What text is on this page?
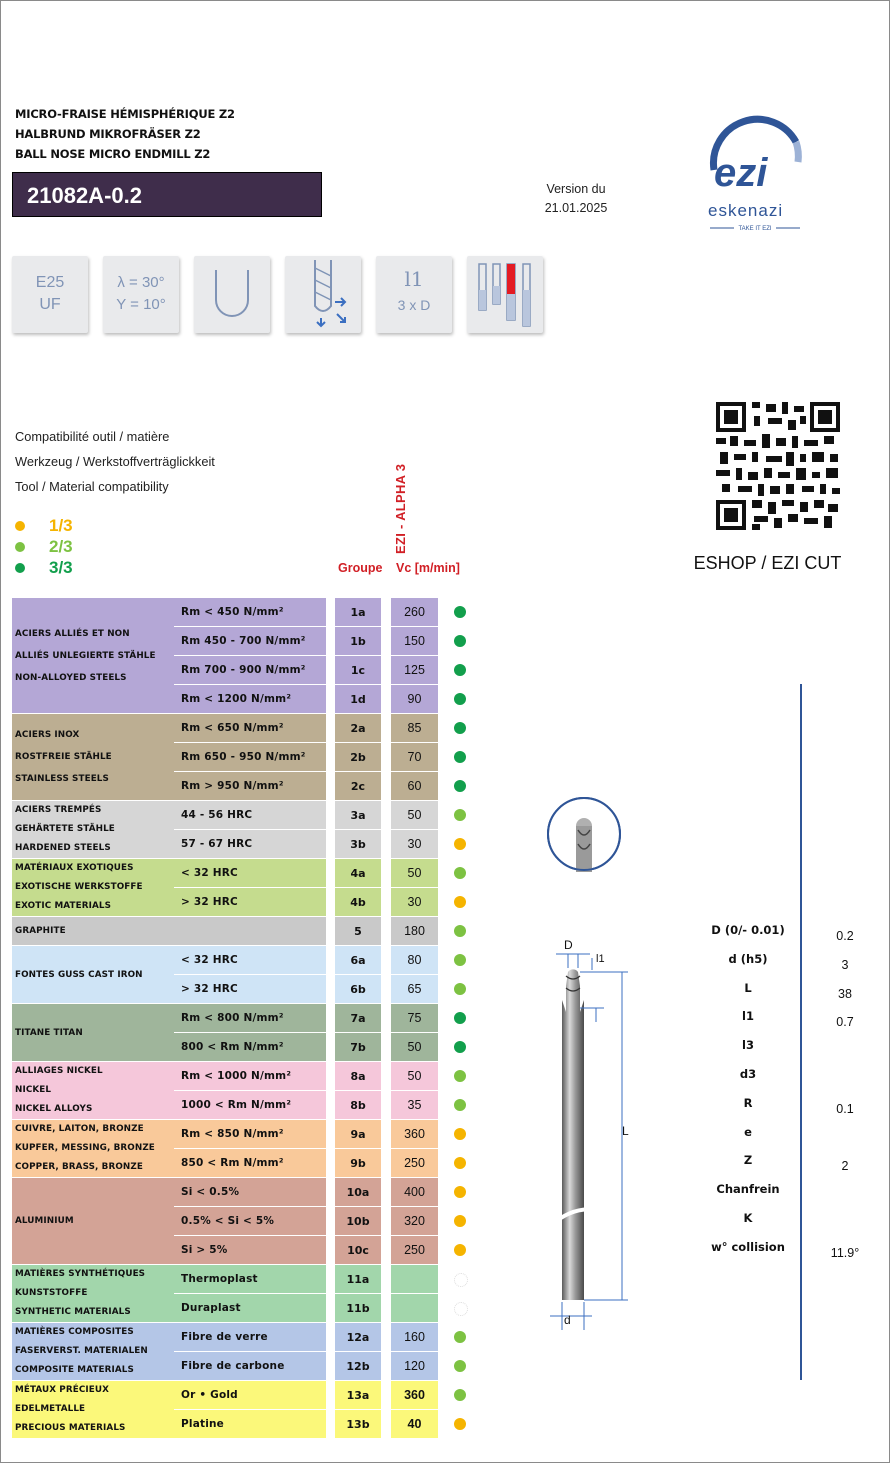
MICRO-FRAISE HÉMISPHÉRIQUE Z2
HALBRUND MIKROFRÄSER Z2
BALL NOSE MICRO ENDMILL Z2
21082A-0.2	Version du
21.01.2025
ezi
eskenazi
TAKE IT EZI
E25
UF
λ = 30°
Y = 10°
l1
3 x D
Compatibilité outil / matière
Werkzeug / Werkstoffverträglickkeit
Tool / Material compatibility
1/3
2/3
3/3
EZI - ALPHA 3
Groupe Vc [m/min]	ESHOP / EZI CUT
ACIERS ALLIÉS ET NON
ALLIÉS UNLEGIERTE STÄHLE
NON-ALLOYED STEELS
Rm < 450 N/mm²	1a	260
Rm 450 - 700 N/mm²	1b	150
Rm 700 - 900 N/mm²	1c	125
Rm < 1200 N/mm²	1d	90
ACIERS INOX
ROSTFREIE STÄHLE
STAINLESS STEELS
Rm < 650 N/mm²	2a	85
Rm 650 - 950 N/mm²	2b	70
Rm > 950 N/mm²	2c	60
ACIERS TREMPÉS
GEHÄRTETE STÄHLE
HARDENED STEELS
44 - 56 HRC	3a	50
57 - 67 HRC	3b	30
MATÉRIAUX EXOTIQUES
EXOTISCHE WERKSTOFFE
EXOTIC MATERIALS
< 32 HRC	4a	50
> 32 HRC	4b	30
GRAPHITE	5	180
FONTES GUSS CAST IRON
< 32 HRC	6a	80
> 32 HRC	6b	65
TITANE TITAN
Rm < 800 N/mm²	7a	75
800 < Rm N/mm²	7b	50
ALLIAGES NICKEL
NICKEL
NICKEL ALLOYS
Rm < 1000 N/mm²	8a	50
1000 < Rm N/mm²	8b	35
CUIVRE, LAITON, BRONZE
KUPFER, MESSING, BRONZE
COPPER, BRASS, BRONZE
Rm < 850 N/mm²	9a	360
850 < Rm N/mm²	9b	250
ALUMINIUM
Si < 0.5%	10a	400
0.5% < Si < 5%	10b	320
Si > 5%	10c	250
MATIÈRES SYNTHÉTIQUES
KUNSTSTOFFE
SYNTHETIC MATERIALS
Thermoplast	11a
Duraplast	11b
MATIÈRES COMPOSITES
FASERVERST. MATERIALEN
COMPOSITE MATERIALS
Fibre de verre	12a	160
Fibre de carbone	12b	120
MÉTAUX PRÉCIEUX
EDELMETALLE
PRECIOUS MATERIALS
Or • Gold	13a	360
Platine	13b	40
D (0/- 0.01)	0.2
d (h5)	3
L	38
l1	0.7
l3
d3
R	0.1
e
Z	2
Chanfrein
K
w° collision	11.9°
D
l1
L
d
